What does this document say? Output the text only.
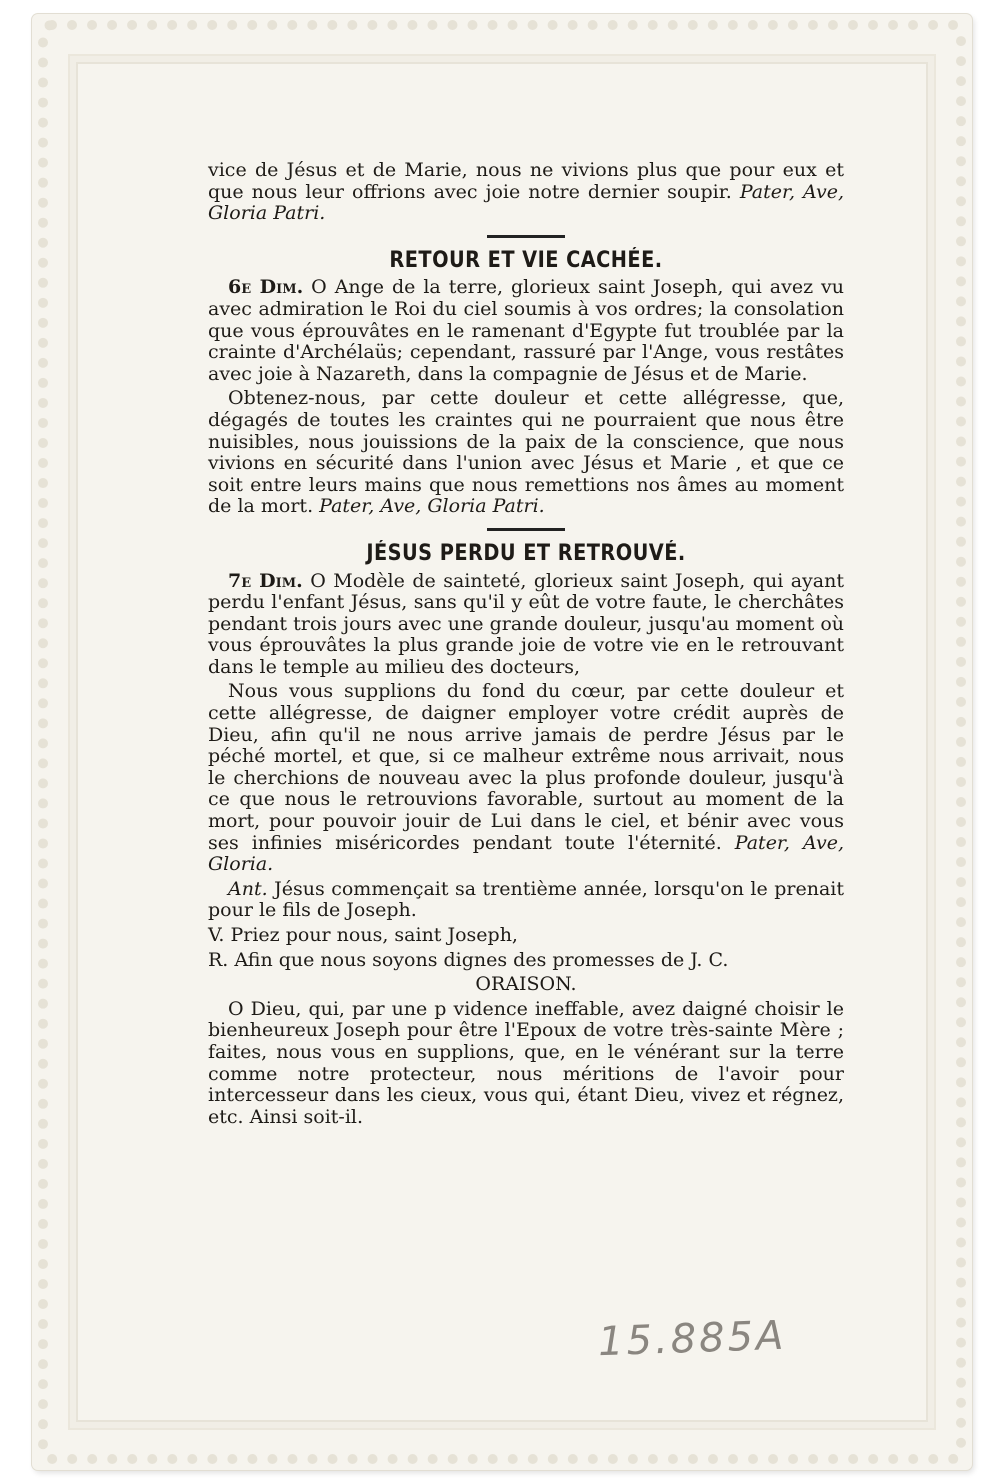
vice de Jésus et de Marie, nous ne vivions plus que pour eux et que nous leur offrions avec joie notre dernier soupir. Pater, Ave, Gloria Patri.

RETOUR ET VIE CACHÉE.

6e Dim. O Ange de la terre, glorieux saint Joseph, qui avez vu avec admiration le Roi du ciel soumis à vos ordres; la consolation que vous éprouvâtes en le ramenant d'Egypte fut troublée par la crainte d'Archélaüs; cependant, rassuré par l'Ange, vous restâtes avec joie à Nazareth, dans la compagnie de Jésus et de Marie.

Obtenez-nous, par cette douleur et cette allégresse, que, dégagés de toutes les craintes qui ne pourraient que nous être nuisibles, nous jouissions de la paix de la conscience, que nous vivions en sécurité dans l'union avec Jésus et Marie , et que ce soit entre leurs mains que nous remettions nos âmes au moment de la mort. Pater, Ave, Gloria Patri.

JÉSUS PERDU ET RETROUVÉ.

7e Dim. O Modèle de sainteté, glorieux saint Joseph, qui ayant perdu l'enfant Jésus, sans qu'il y eût de votre faute, le cherchâtes pendant trois jours avec une grande douleur, jusqu'au moment où vous éprouvâtes la plus grande joie de votre vie en le retrouvant dans le temple au milieu des docteurs,

Nous vous supplions du fond du cœur, par cette douleur et cette allégresse, de daigner employer votre crédit auprès de Dieu, afin qu'il ne nous arrive jamais de perdre Jésus par le péché mortel, et que, si ce malheur extrême nous arrivait, nous le cherchions de nouveau avec la plus profonde douleur, jusqu'à ce que nous le retrouvions favorable, surtout au moment de la mort, pour pouvoir jouir de Lui dans le ciel, et bénir avec vous ses infinies miséricordes pendant toute l'éternité. Pater, Ave, Gloria.

Ant. Jésus commençait sa trentième année, lorsqu'on le prenait pour le fils de Joseph.

V. Priez pour nous, saint Joseph,

R. Afin que nous soyons dignes des promesses de J. C.

ORAISON.

O Dieu, qui, par une p vidence ineffable, avez daigné choisir le bienheureux Joseph pour être l'Epoux de votre très-sainte Mère ; faites, nous vous en supplions, que, en le vénérant sur la terre comme notre protecteur, nous méritions de l'avoir pour intercesseur dans les cieux, vous qui, étant Dieu, vivez et régnez, etc. Ainsi soit-il.

15.885A
